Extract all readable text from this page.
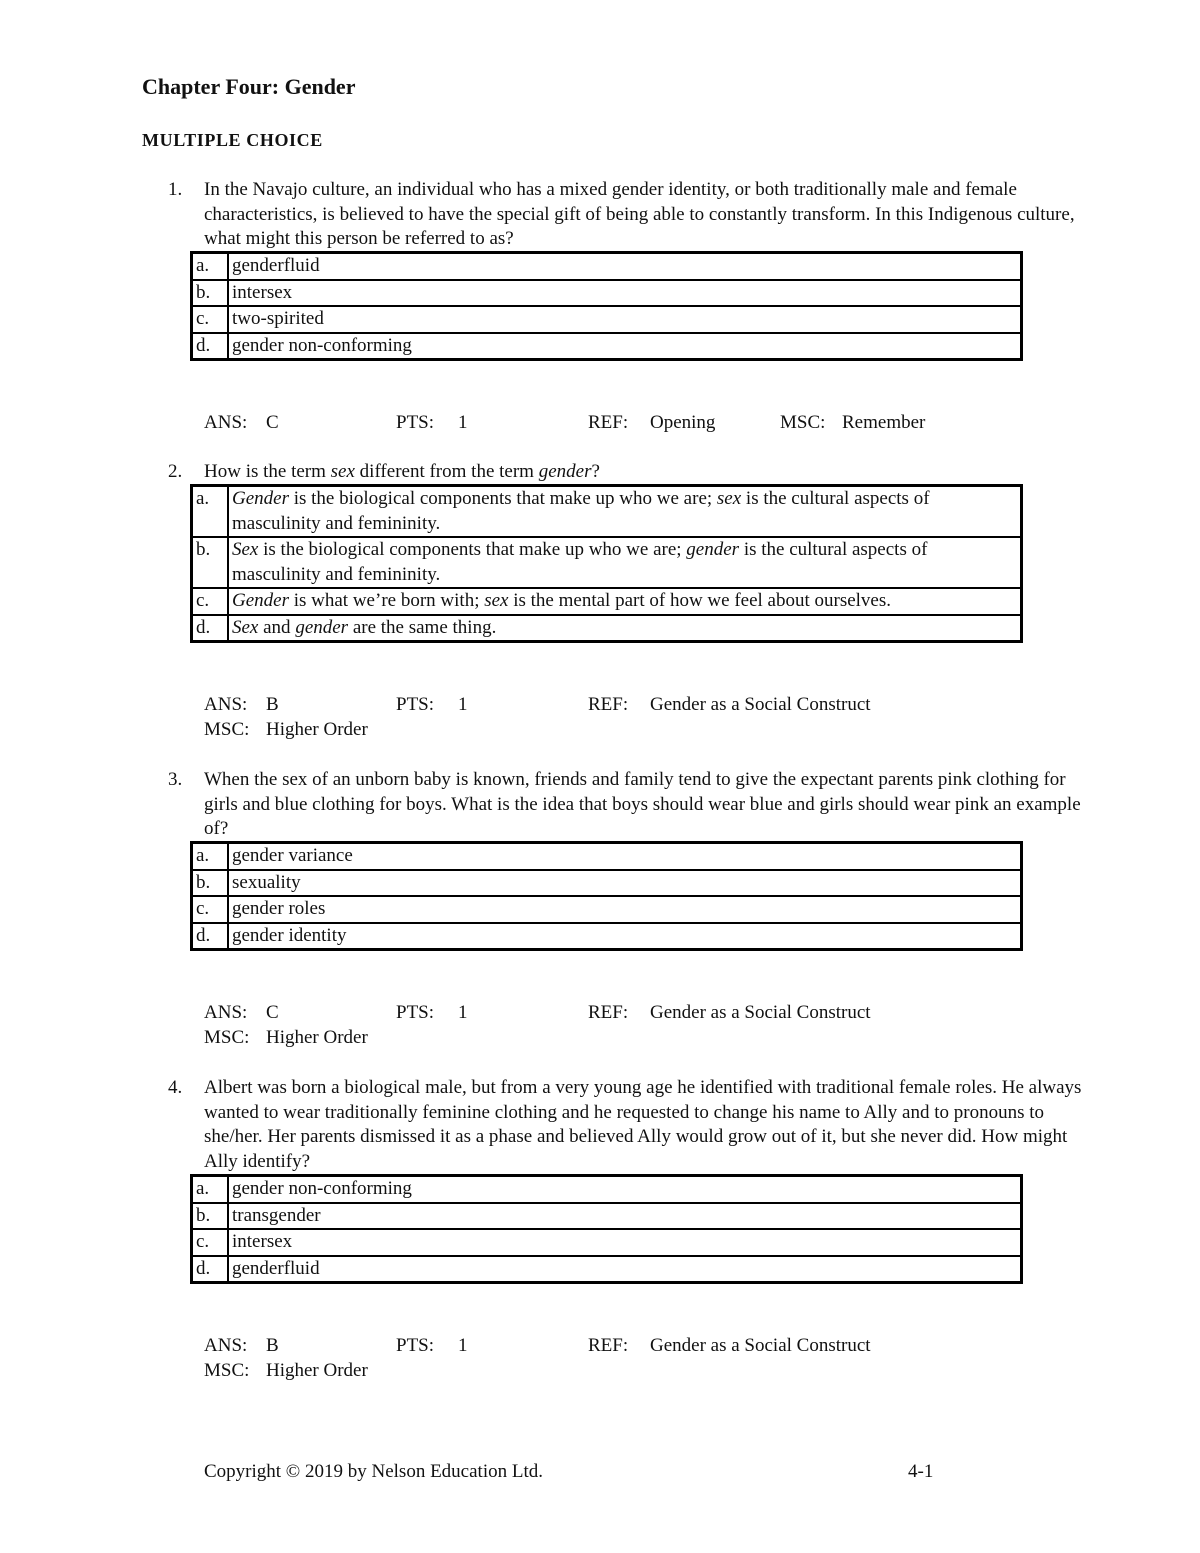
Chapter Four: Gender
MULTIPLE CHOICE
1. In the Navajo culture, an individual who has a mixed gender identity, or both traditionally male and female characteristics, is believed to have the special gift of being able to constantly transform. In this Indigenous culture, what might this person be referred to as?
a.	genderfluid
b.	intersex
c.	two-spirited
d.	gender non-conforming
ANS: C	PTS: 1	REF: Opening	MSC: Remember
2. How is the term sex different from the term gender?
a.	Gender is the biological components that make up who we are; sex is the cultural aspects of masculinity and femininity.
b.	Sex is the biological components that make up who we are; gender is the cultural aspects of masculinity and femininity.
c.	Gender is what we’re born with; sex is the mental part of how we feel about ourselves.
d.	Sex and gender are the same thing.
ANS: B	PTS: 1	REF: Gender as a Social Construct
MSC: Higher Order
3. When the sex of an unborn baby is known, friends and family tend to give the expectant parents pink clothing for girls and blue clothing for boys. What is the idea that boys should wear blue and girls should wear pink an example of?
a.	gender variance
b.	sexuality
c.	gender roles
d.	gender identity
ANS: C	PTS: 1	REF: Gender as a Social Construct
MSC: Higher Order
4. Albert was born a biological male, but from a very young age he identified with traditional female roles. He always wanted to wear traditionally feminine clothing and he requested to change his name to Ally and to pronouns to she/her. Her parents dismissed it as a phase and believed Ally would grow out of it, but she never did. How might Ally identify?
a.	gender non-conforming
b.	transgender
c.	intersex
d.	genderfluid
ANS: B	PTS: 1	REF: Gender as a Social Construct
MSC: Higher Order
Copyright © 2019 by Nelson Education Ltd.	4-1
